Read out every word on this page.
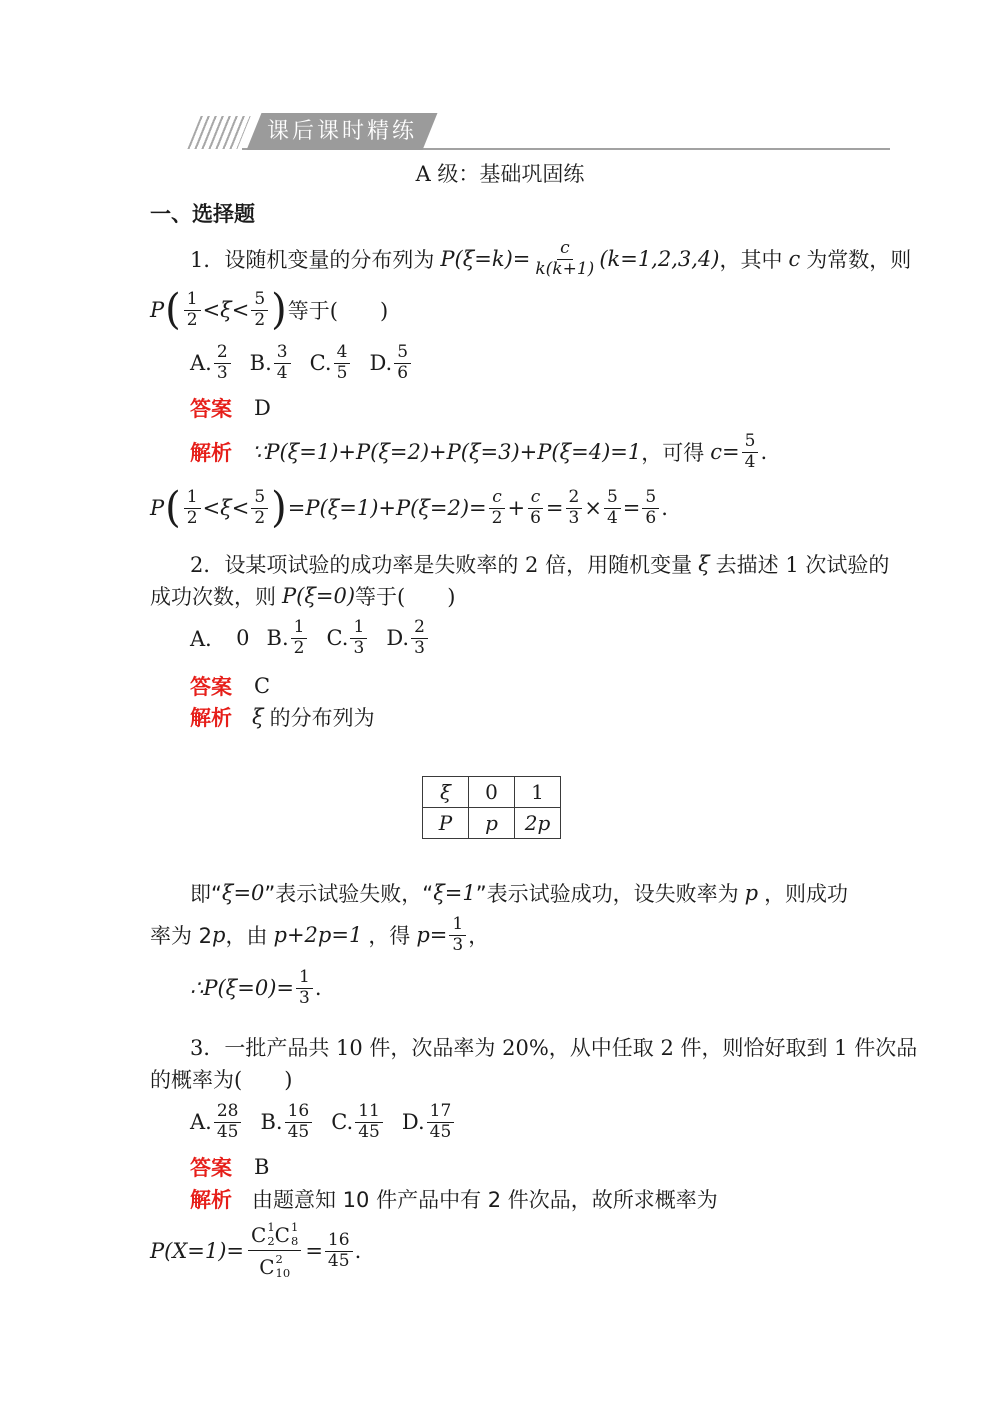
课后课时精练
A 级：基础巩固练
一、选择题
1．设随机变量的分布列为 $P(\xi=k)= \frac{c}{k(k+1)} (k=1,2,3,4)$ ，其中 c 为常数，则
P ( $\frac{1}{2} <\xi< \frac{5}{2}$ ) 等于(　　)
A. $\frac{2}{3} B$. $\frac{3}{4} C$. $\frac{4}{5} D$. $\frac{5}{6}$
答案 D
解析 ∵P(ξ=1)+P(ξ=2)+P(ξ=3)+P(ξ=4)=1 ，可得 $c= \frac{5}{4}$ .
P ( $\frac{1}{2} <\xi< \frac{5}{2}$ ) $=P(\xi=1)+P(\xi=2)= \frac{c}{2} + \frac{c}{6} = \frac{2}{3} \times \frac{5}{4} = \frac{5}{6}$ .
2．设某项试验的成功率是失败率的 2 倍，用随机变量 ξ 去描述 1 次试验的
成功次数，则 P(ξ=0) 等于(　　)
A． 0 B. $\frac{1}{2} C$. $\frac{1}{3} D$. $\frac{2}{3}$
答案 C
解析 ξ 的分布列为
ξ	0	1
P	p	2p
即“ ξ=0 ”表示试验失败，“ ξ=1 ”表示试验成功，设失败率为 p ，则成功
率为 2 p ，由 p+2p=1 ，得 $p= \frac{1}{3}$ ，
∴P(ξ=0)= $\frac{1}{3}$ .
3．一批产品共 10 件，次品率为 20%，从中任取 2 件，则恰好取到 1 件次品
的概率为(　　)
A. $\frac{28}{45} B$. $\frac{16}{45} C$. $\frac{11}{45} D$. $\frac{17}{45}$
答案 B
解析 由题意知 10 件产品中有 2 件次品，故所求概率为
P(X=1)=
C 1
2 C 1
8
C 2
10
= $\frac{16}{45}$ .
